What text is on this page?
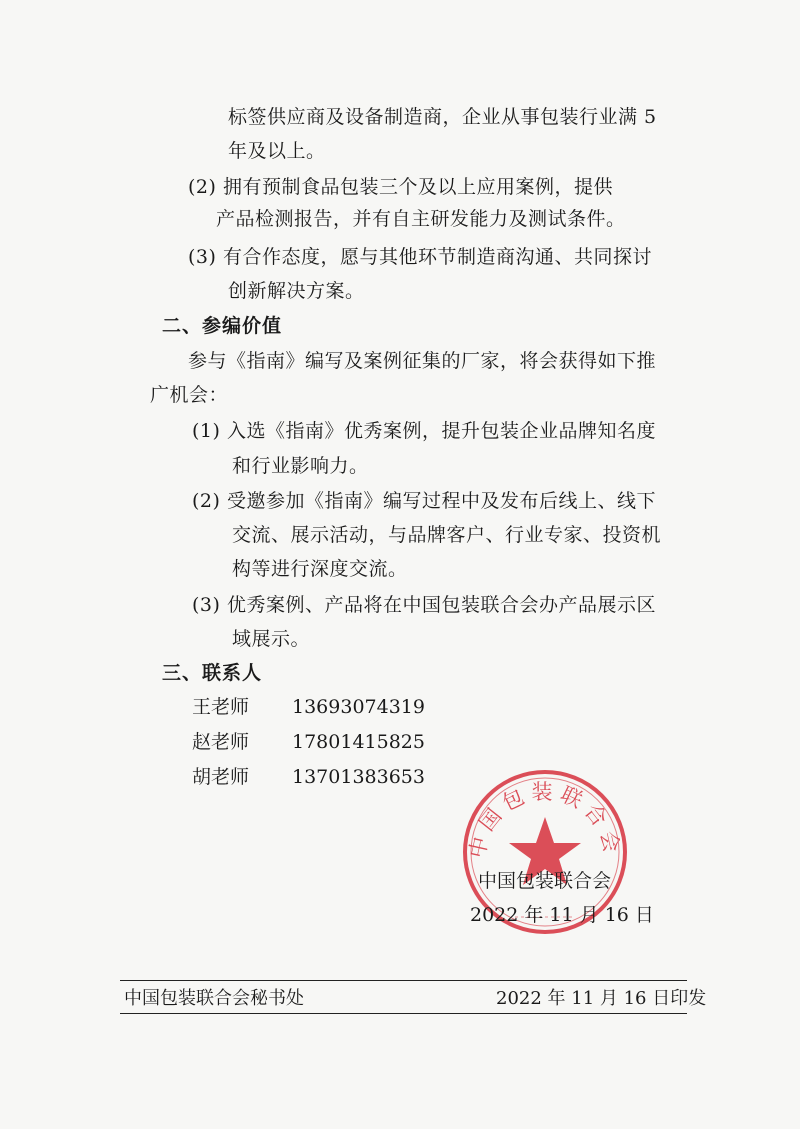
标签供应商及设备制造商，企业从事包装行业满 5
年及以上。
(2) 拥有预制食品包装三个及以上应用案例，提供
产品检测报告，并有自主研发能力及测试条件。
(3) 有合作态度，愿与其他环节制造商沟通、共同探讨
创新解决方案。
二、参编价值
参与《指南》编写及案例征集的厂家，将会获得如下推
广机会：
(1) 入选《指南》优秀案例，提升包装企业品牌知名度
和行业影响力。
(2) 受邀参加《指南》编写过程中及发布后线上、线下
交流、展示活动，与品牌客户、行业专家、投资机
构等进行深度交流。
(3) 优秀案例、产品将在中国包装联合会办产品展示区
域展示。
三、联系人
王老师 13693074319
赵老师 17801415825
胡老师 13701383653
中国包装联合会
中国包装联合会
2022 年 11 月 16 日
中国包装联合会秘书处	2022 年 11 月 16 日印发
